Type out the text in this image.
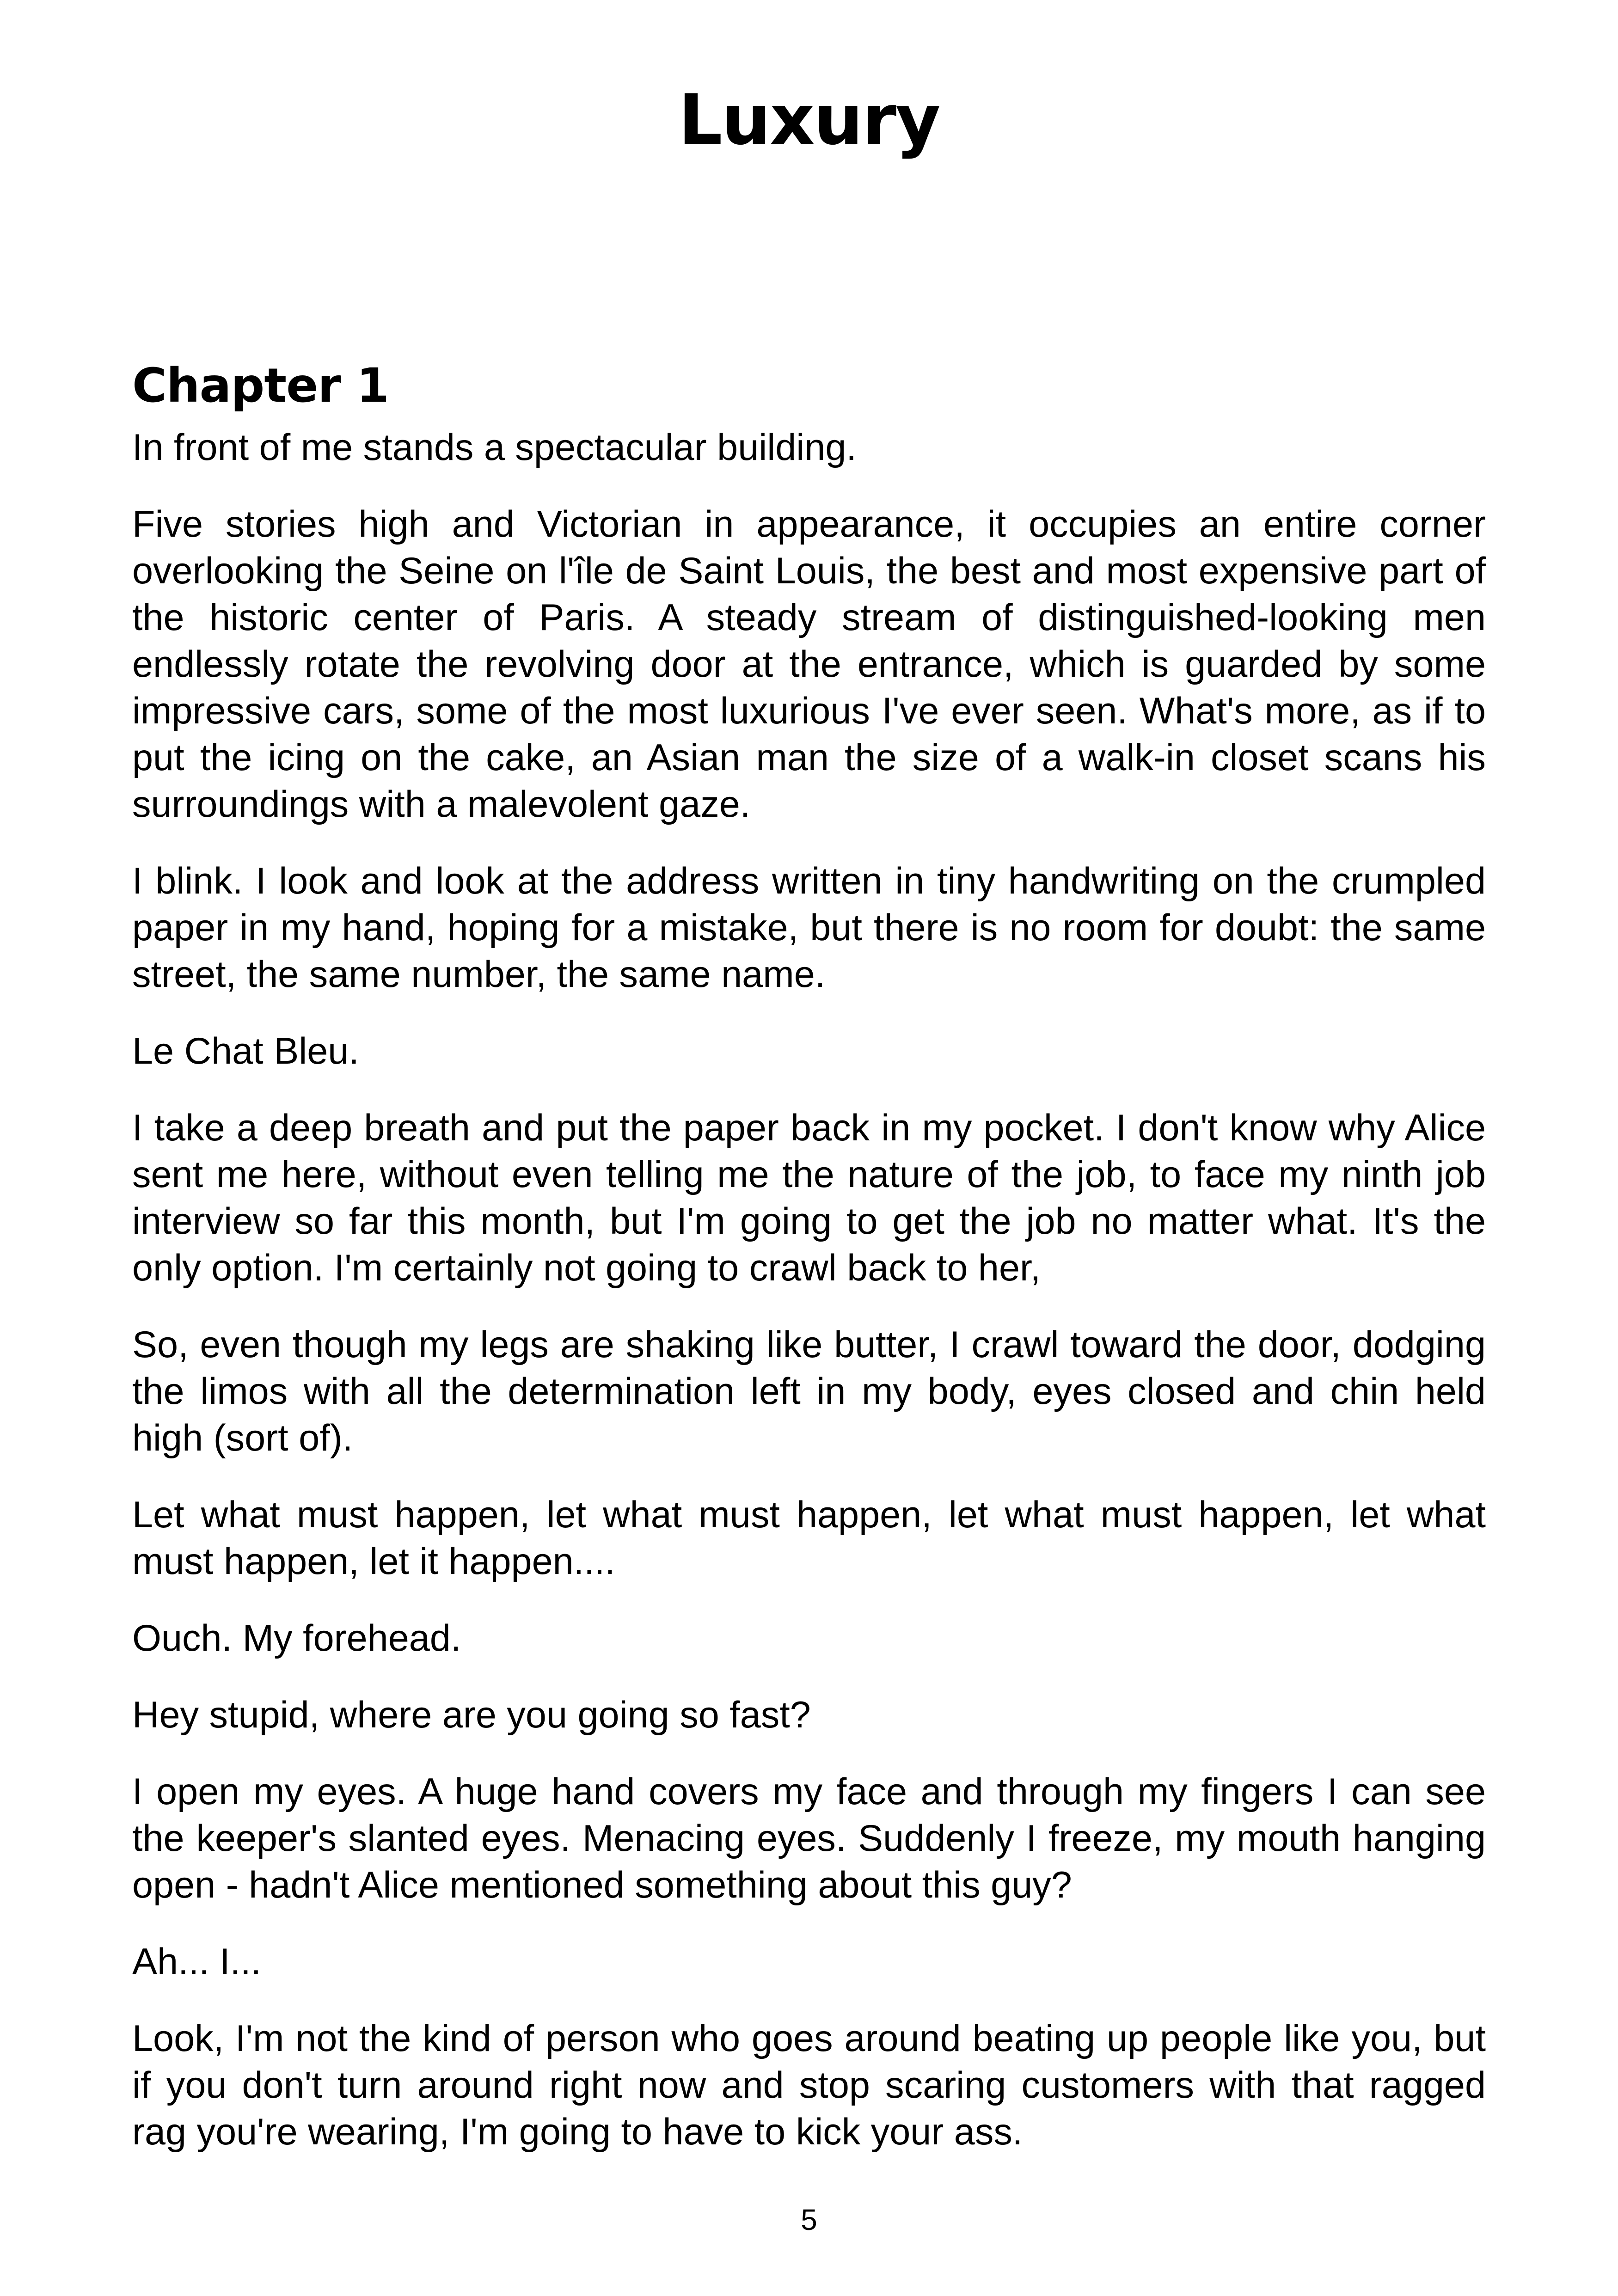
Luxury
Chapter 1

In front of me stands a spectacular building.

Five stories high and Victorian in appearance, it occupies an entire corner overlooking the Seine on l'île de Saint Louis, the best and most expensive part of the historic center of Paris. A steady stream of distinguished-looking men endlessly rotate the revolving door at the entrance, which is guarded by some impressive cars, some of the most luxurious I've ever seen. What's more, as if to put the icing on the cake, an Asian man the size of a walk-in closet scans his surroundings with a malevolent gaze.

I blink. I look and look at the address written in tiny handwriting on the crumpled paper in my hand, hoping for a mistake, but there is no room for doubt: the same street, the same number, the same name.

Le Chat Bleu.

I take a deep breath and put the paper back in my pocket. I don't know why Alice sent me here, without even telling me the nature of the job, to face my ninth job interview so far this month, but I'm going to get the job no matter what. It's the only option. I'm certainly not going to crawl back to her,

So, even though my legs are shaking like butter, I crawl toward the door, dodging the limos with all the determination left in my body, eyes closed and chin held high (sort of).

Let what must happen, let what must happen, let what must happen, let what must happen, let it happen....

Ouch. My forehead.

Hey stupid, where are you going so fast?

I open my eyes. A huge hand covers my face and through my fingers I can see the keeper's slanted eyes. Menacing eyes. Suddenly I freeze, my mouth hanging open - hadn't Alice mentioned something about this guy?

Ah... I...

Look, I'm not the kind of person who goes around beating up people like you, but if you don't turn around right now and stop scaring customers with that ragged rag you're wearing, I'm going to have to kick your ass.

5
